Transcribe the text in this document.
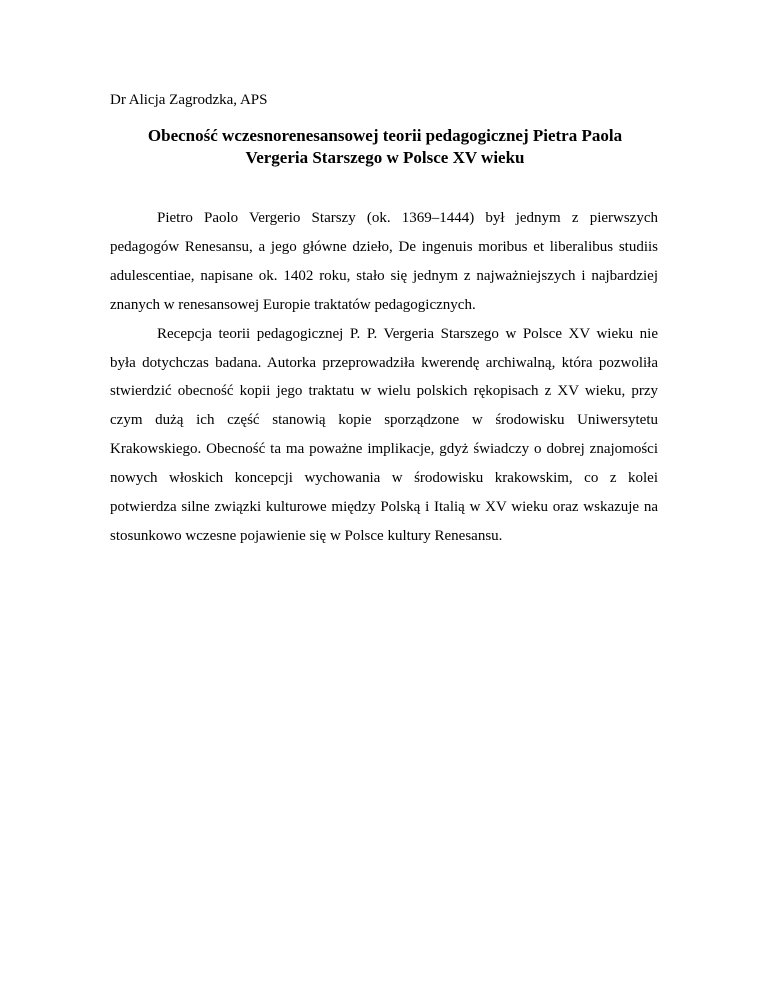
Dr Alicja Zagrodzka, APS
Obecność wczesnorenesansowej teorii pedagogicznej Pietra Paola
Vergeria Starszego w Polsce XV wieku
Pietro Paolo Vergerio Starszy (ok. 1369–1444) był jednym z pierwszych
pedagogów Renesansu, a jego główne dzieło, De ingenuis moribus et liberalibus studiis
adulescentiae, napisane ok. 1402 roku, stało się jednym z najważniejszych i najbardziej
znanych w renesansowej Europie traktatów pedagogicznych.
Recepcja teorii pedagogicznej P. P. Vergeria Starszego w Polsce XV wieku nie
była dotychczas badana. Autorka przeprowadziła kwerendę archiwalną, która pozwoliła
stwierdzić obecność kopii jego traktatu w wielu polskich rękopisach z XV wieku, przy
czym dużą ich część stanowią kopie sporządzone w środowisku Uniwersytetu
Krakowskiego. Obecność ta ma poważne implikacje, gdyż świadczy o dobrej znajomości
nowych włoskich koncepcji wychowania w środowisku krakowskim, co z kolei
potwierdza silne związki kulturowe między Polską i Italią w XV wieku oraz wskazuje na
stosunkowo wczesne pojawienie się w Polsce kultury Renesansu.
